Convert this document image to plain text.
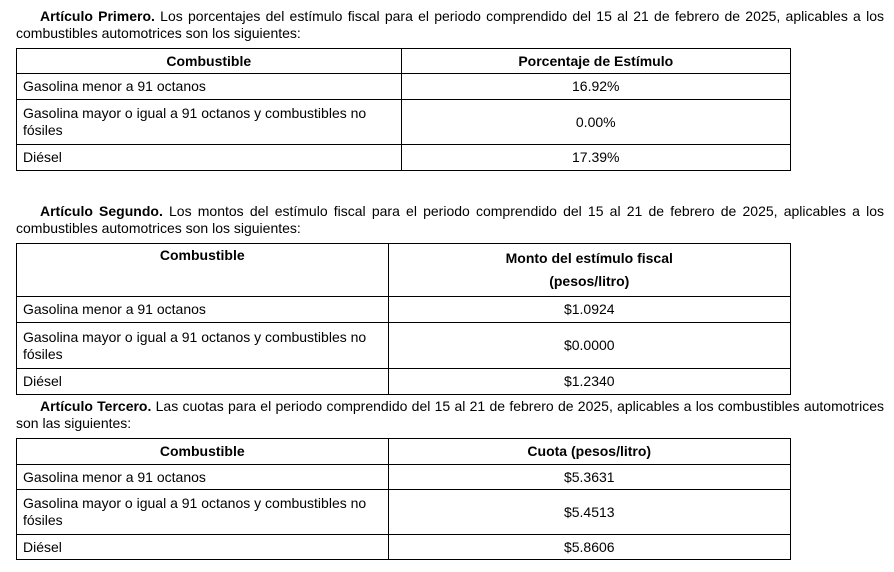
Artículo Primero. Los porcentajes del estímulo fiscal para el periodo comprendido del 15 al 21 de febrero de 2025, aplicables a los combustibles automotrices son los siguientes:

Combustible	Porcentaje de Estímulo
Gasolina menor a 91 octanos	16.92%
Gasolina mayor o igual a 91 octanos y combustibles no fósiles	0.00%
Diésel	17.39%

Artículo Segundo. Los montos del estímulo fiscal para el periodo comprendido del 15 al 21 de febrero de 2025, aplicables a los combustibles automotrices son los siguientes:

Combustible	Monto del estímulo fiscal
(pesos/litro)

Gasolina menor a 91 octanos	$1.0924
Gasolina mayor o igual a 91 octanos y combustibles no fósiles	$0.0000
Diésel	$1.2340

Artículo Tercero. Las cuotas para el periodo comprendido del 15 al 21 de febrero de 2025, aplicables a los combustibles automotrices son las siguientes:

Combustible	Cuota (pesos/litro)
Gasolina menor a 91 octanos	$5.3631
Gasolina mayor o igual a 91 octanos y combustibles no fósiles	$5.4513
Diésel	$5.8606
